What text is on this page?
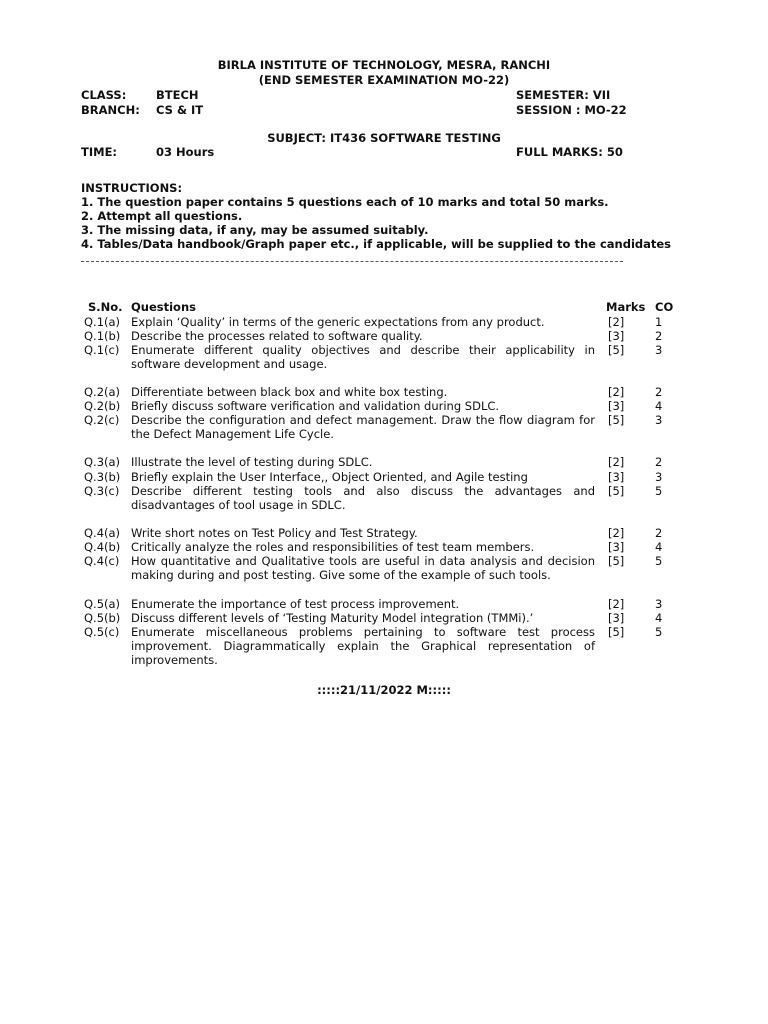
BIRLA INSTITUTE OF TECHNOLOGY, MESRA, RANCHI
(END SEMESTER EXAMINATION MO-22)
CLASS:	BTECH	SEMESTER: VII
BRANCH: CS & IT	SESSION : MO-22
SUBJECT: IT436 SOFTWARE TESTING
TIME:	03 Hours	FULL MARKS: 50
INSTRUCTIONS:
1. The question paper contains 5 questions each of 10 marks and total 50 marks.
2. Attempt all questions.
3. The missing data, if any, may be assumed suitably.
4. Tables/Data handbook/Graph paper etc., if applicable, will be supplied to the candidates
S.No. Questions	Marks CO
Q.1(a) Explain ‘Quality’ in terms of the generic expectations from any product.	[2]	1
Q.1(b) Describe the processes related to software quality.	[3]	2
Q.1(c) Enumerate different quality objectives and describe their applicability in software development and usage.
[5]	3
Q.2(a) Differentiate between black box and white box testing.	[2]	2
Q.2(b) Briefly discuss software verification and validation during SDLC.	[3]	4
Q.2(c) Describe the configuration and defect management. Draw the flow diagram for the Defect Management Life Cycle.
[5]	3
Q.3(a) Illustrate the level of testing during SDLC.	[2]	2
Q.3(b) Briefly explain the User Interface,, Object Oriented, and Agile testing	[3]	3
Q.3(c) Describe different testing tools and also discuss the advantages and disadvantages of tool usage in SDLC.
[5]	5
Q.4(a) Write short notes on Test Policy and Test Strategy.	[2]	2
Q.4(b) Critically analyze the roles and responsibilities of test team members.	[3]	4
Q.4(c) How quantitative and Qualitative tools are useful in data analysis and decision making during and post testing. Give some of the example of such tools.
[5]	5
Q.5(a) Enumerate the importance of test process improvement.	[2]	3
Q.5(b) Discuss different levels of ‘Testing Maturity Model integration (TMMi).’	[3]	4
Q.5(c) Enumerate miscellaneous problems pertaining to software test process improvement. Diagrammatically explain the Graphical representation of improvements.
[5]	5
:::::21/11/2022 M:::::
